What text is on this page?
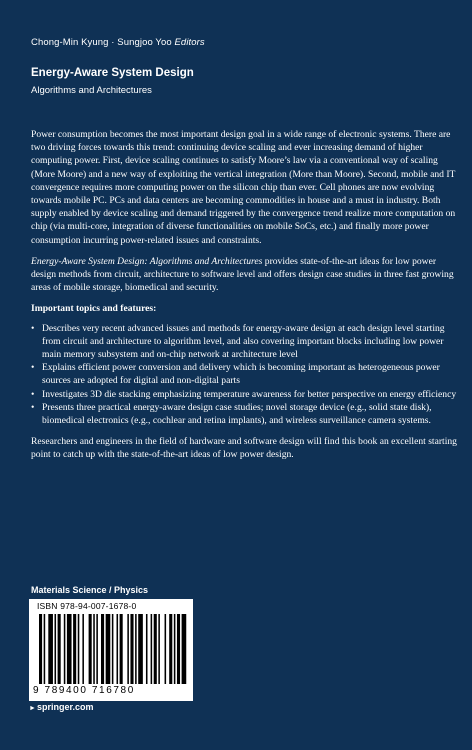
Chong-Min Kyung · Sungjoo Yoo Editors
Energy-Aware System Design
Algorithms and Architectures

Power consumption becomes the most important design goal in a wide range of electronic systems. There are two driving forces towards this trend: continuing device scaling and ever increasing demand of higher computing power. First, device scaling continues to satisfy Moore’s law via a conventional way of scaling (More Moore) and a new way of exploiting the vertical integration (More than Moore). Second, mobile and IT convergence requires more computing power on the silicon chip than ever. Cell phones are now evolving towards mobile PC. PCs and data centers are becoming commodities in house and a must in industry. Both supply enabled by device scaling and demand triggered by the convergence trend realize more computation on chip (via multi-core, integration of diverse functionalities on mobile SoCs, etc.) and finally more power consumption incurring power-related issues and constraints.

Energy-Aware System Design: Algorithms and Architectures provides state-of-the-art ideas for low power design methods from circuit, architecture to software level and offers design case studies in three fast growing areas of mobile storage, biomedical and security.

Important topics and features:
• Describes very recent advanced issues and methods for energy-aware design at each design level starting from circuit and architecture to algorithm level, and also covering important blocks including low power main memory subsystem and on-chip network at architecture level
• Explains efficient power conversion and delivery which is becoming important as heterogeneous power sources are adopted for digital and non-digital parts
• Investigates 3D die stacking emphasizing temperature awareness for better perspective on energy efficiency
• Presents three practical energy-aware design case studies; novel storage device (e.g., solid state disk), biomedical electronics (e.g., cochlear and retina implants), and wireless surveillance camera systems.

Researchers and engineers in the field of hardware and software design will find this book an excellent starting point to catch up with the state-of-the-art ideas of low power design.

Materials Science / Physics
ISBN 978-94-007-1678-0
9 789400 716780
►springer.com
